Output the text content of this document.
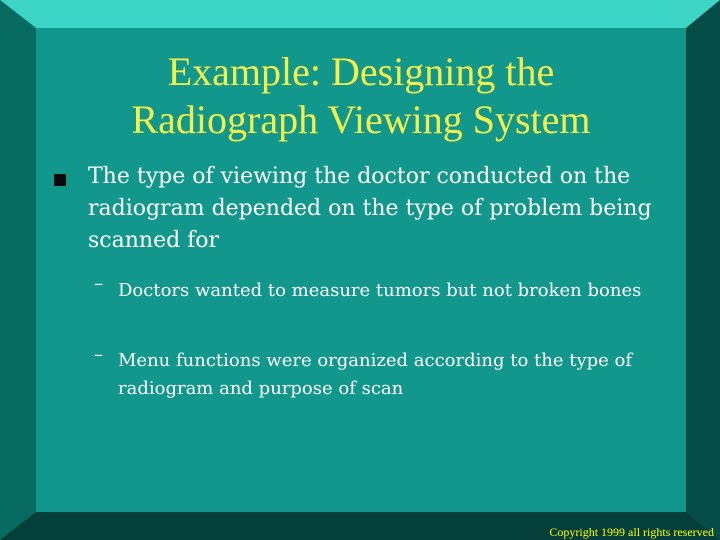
Example: Designing the
Radiograph Viewing System
The type of viewing the doctor conducted on the radiogram depended on the type of problem being scanned for
– Doctors wanted to measure tumors but not broken bones
– Menu functions were organized according to the type of radiogram and purpose of scan
Copyright 1999 all rights reserved
